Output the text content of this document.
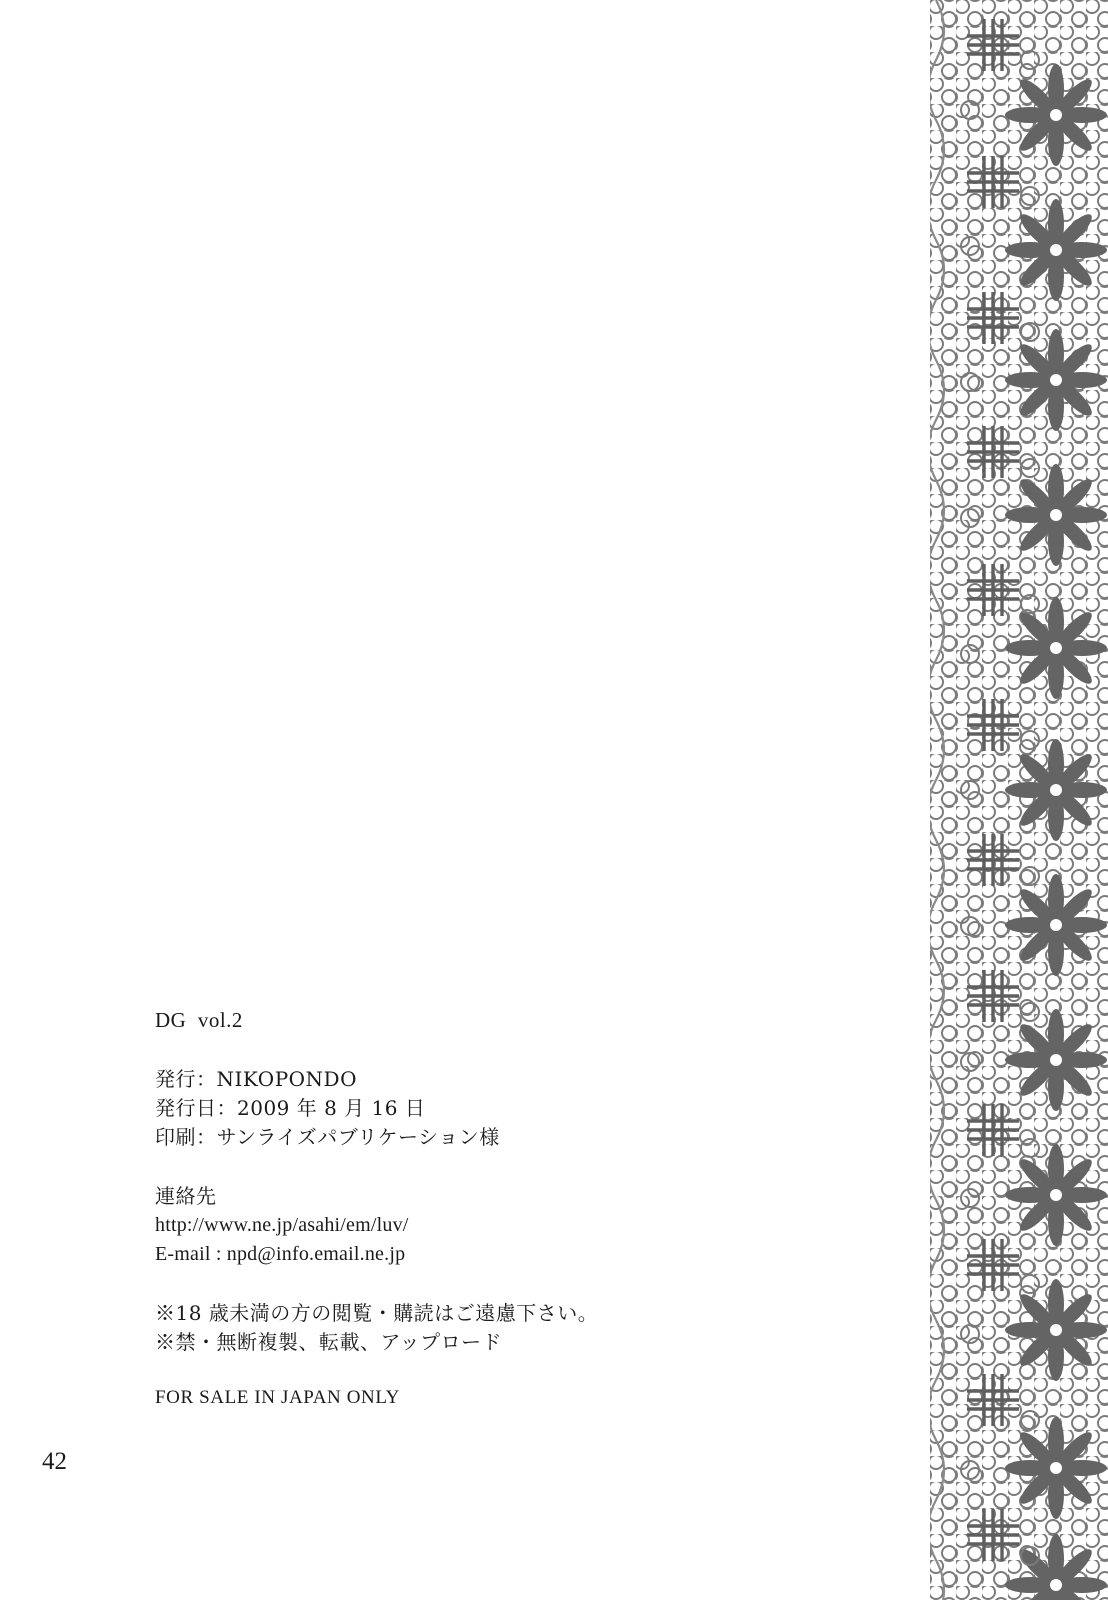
DG  vol.2

発行：NIKOPONDO

発行日：2009 年 8 月 16 日

印刷：サンライズパブリケーション様

連絡先

http://www.ne.jp/asahi/em/luv/

E-mail : npd@info.email.ne.jp

※18 歳未満の方の閲覧・購読はご遠慮下さい。

※禁・無断複製、転載、アップロード

FOR SALE IN JAPAN ONLY

42
